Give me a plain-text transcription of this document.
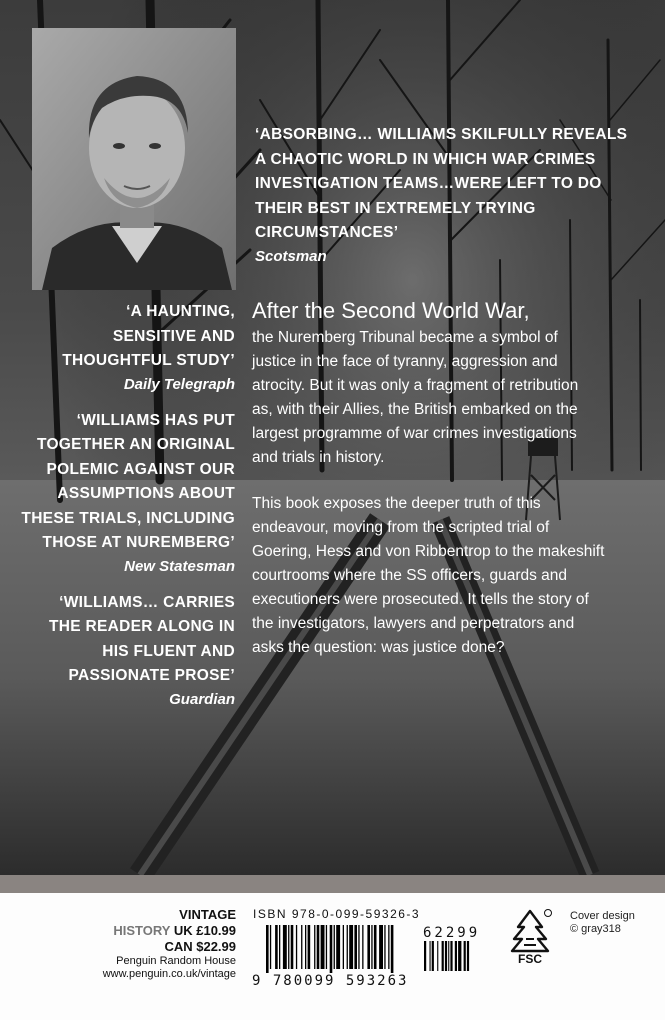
‘ABSORBING… WILLIAMS SKILFULLY REVEALS
A CHAOTIC WORLD IN WHICH WAR CRIMES
INVESTIGATION TEAMS…WERE LEFT TO DO
THEIR BEST IN EXTREMELY TRYING
CIRCUMSTANCES’
Scotsman
‘A HAUNTING,
SENSITIVE AND
THOUGHTFUL STUDY’
Daily Telegraph
‘WILLIAMS HAS PUT
TOGETHER AN ORIGINAL
POLEMIC AGAINST OUR
ASSUMPTIONS ABOUT
THESE TRIALS, INCLUDING
THOSE AT NUREMBERG’
New Statesman
‘WILLIAMS… CARRIES
THE READER ALONG IN
HIS FLUENT AND
PASSIONATE PROSE’
Guardian
After the Second World War,
the Nuremberg Tribunal became a symbol of
justice in the face of tyranny, aggression and
atrocity. But it was only a fragment of retribution
as, with their Allies, the British embarked on the
largest programme of war crimes investigations
and trials in history.
This book exposes the deeper truth of this
endeavour, moving from the scripted trial of
Goering, Hess and von Ribbentrop to the makeshift
courtrooms where the SS officers, guards and
executioners were prosecuted. It tells the story of
the investigators, lawyers and perpetrators and
asks the question: was justice done?
VINTAGE
HISTORY UK £10.99
CAN $22.99
Penguin Random House
www.penguin.co.uk/vintage
ISBN 978-0-099-59326-3
9 780099 593263
62299
FSC
Cover design
© gray318
